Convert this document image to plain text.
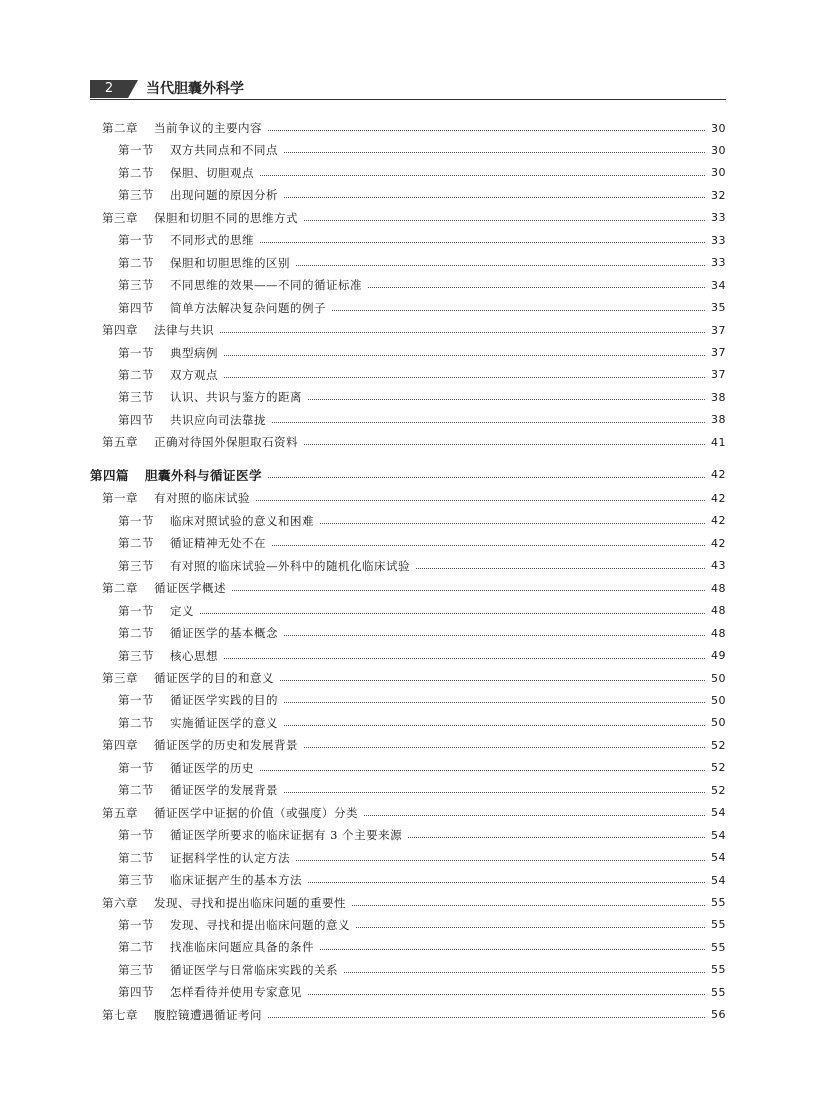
2	当代胆囊外科学
第二章 当前争议的主要内容	30
第一节 双方共同点和不同点	30
第二节 保胆、切胆观点	30
第三节 出现问题的原因分析	32
第三章 保胆和切胆不同的思维方式	33
第一节 不同形式的思维	33
第二节 保胆和切胆思维的区别	33
第三节 不同思维的效果——不同的循证标准	34
第四节 简单方法解决复杂问题的例子	35
第四章 法律与共识	37
第一节 典型病例	37
第二节 双方观点	37
第三节 认识、共识与鉴方的距离	38
第四节 共识应向司法靠拢	38
第五章 正确对待国外保胆取石资料	41
第四篇 胆囊外科与循证医学	42
第一章 有对照的临床试验	42
第一节 临床对照试验的意义和困难	42
第二节 循证精神无处不在	42
第三节 有对照的临床试验—外科中的随机化临床试验	43
第二章 循证医学概述	48
第一节 定义	48
第二节 循证医学的基本概念	48
第三节 核心思想	49
第三章 循证医学的目的和意义	50
第一节 循证医学实践的目的	50
第二节 实施循证医学的意义	50
第四章 循证医学的历史和发展背景	52
第一节 循证医学的历史	52
第二节 循证医学的发展背景	52
第五章 循证医学中证据的价值（或强度）分类	54
第一节 循证医学所要求的临床证据有 3 个主要来源	54
第二节 证据科学性的认定方法	54
第三节 临床证据产生的基本方法	54
第六章 发现、寻找和提出临床问题的重要性	55
第一节 发现、寻找和提出临床问题的意义	55
第二节 找准临床问题应具备的条件	55
第三节 循证医学与日常临床实践的关系	55
第四节 怎样看待并使用专家意见	55
第七章 腹腔镜遭遇循证考问	56
